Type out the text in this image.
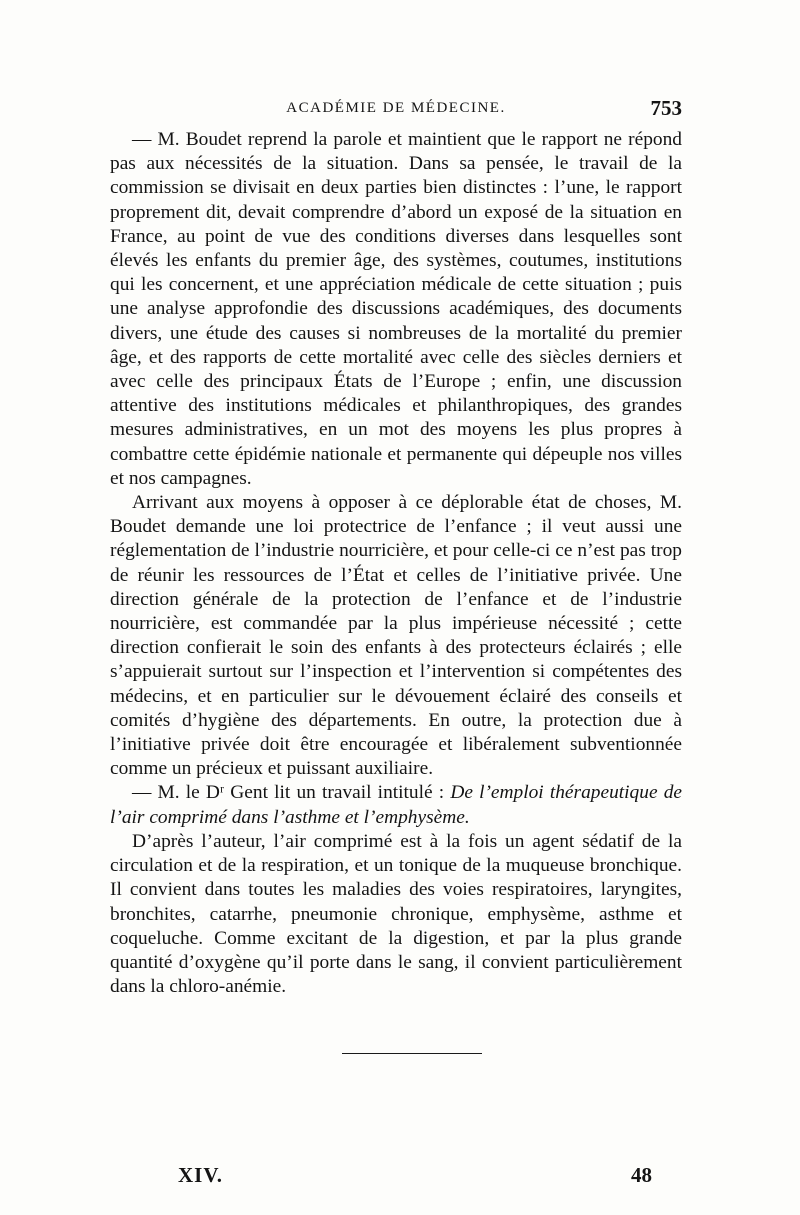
ACADÉMIE DE MÉDECINE.	753

— M. Boudet reprend la parole et maintient que le rapport ne répond pas aux nécessités de la situation. Dans sa pensée, le travail de la commission se divisait en deux parties bien distinctes : l’une, le rapport proprement dit, devait comprendre d’abord un exposé de la situation en France, au point de vue des conditions diverses dans lesquelles sont élevés les enfants du premier âge, des systèmes, coutumes, institutions qui les concernent, et une appréciation médicale de cette situation ; puis une analyse approfondie des discussions académiques, des documents divers, une étude des causes si nombreuses de la mortalité du premier âge, et des rapports de cette mortalité avec celle des siècles derniers et avec celle des principaux États de l’Europe ; enfin, une discussion attentive des institutions médicales et philanthropiques, des grandes mesures administratives, en un mot des moyens les plus propres à combattre cette épidémie nationale et permanente qui dépeuple nos villes et nos campagnes.

Arrivant aux moyens à opposer à ce déplorable état de choses, M. Boudet demande une loi protectrice de l’enfance ; il veut aussi une réglementation de l’industrie nourricière, et pour celle-ci ce n’est pas trop de réunir les ressources de l’État et celles de l’initiative privée. Une direction générale de la protection de l’enfance et de l’industrie nourricière, est commandée par la plus impérieuse nécessité ; cette direction confierait le soin des enfants à des protecteurs éclairés ; elle s’appuierait surtout sur l’inspection et l’intervention si compétentes des médecins, et en particulier sur le dévouement éclairé des conseils et comités d’hygiène des départements. En outre, la protection due à l’initiative privée doit être encouragée et libéralement subventionnée comme un précieux et puissant auxiliaire.

— M. le Dʳ Gent lit un travail intitulé : De l’emploi thérapeutique de l’air comprimé dans l’asthme et l’emphysème.

D’après l’auteur, l’air comprimé est à la fois un agent sédatif de la circulation et de la respiration, et un tonique de la muqueuse bronchique. Il convient dans toutes les maladies des voies respiratoires, laryngites, bronchites, catarrhe, pneumonie chronique, emphysème, asthme et coqueluche. Comme excitant de la digestion, et par la plus grande quantité d’oxygène qu’il porte dans le sang, il convient particulièrement dans la chloro-anémie.

XIV.	48
